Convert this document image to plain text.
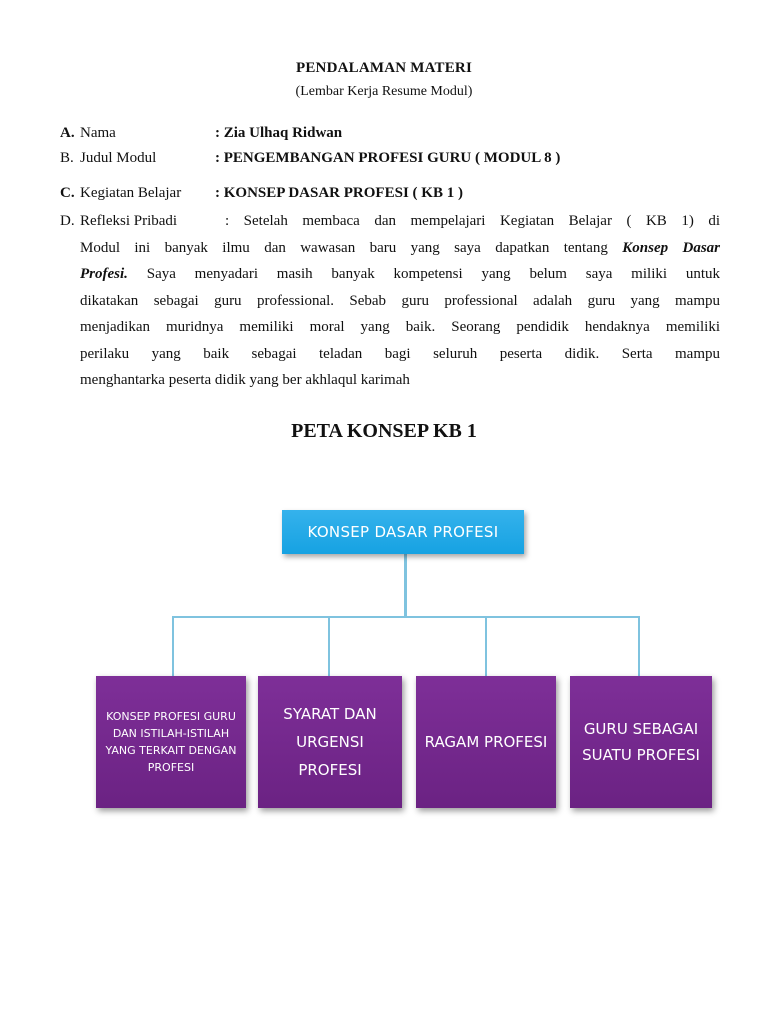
PENDALAMAN MATERI
(Lembar Kerja Resume Modul)
A. Nama	: Zia Ulhaq Ridwan
B. Judul Modul	: PENGEMBANGAN PROFESI GURU ( MODUL 8 )
C. Kegiatan Belajar : KONSEP DASAR PROFESI ( KB 1 )
D. Refleksi Pribadi	: Setelah membaca dan mempelajari Kegiatan Belajar ( KB 1) di
Modul ini banyak ilmu dan wawasan baru yang saya dapatkan tentang Konsep Dasar
Profesi. Saya menyadari masih banyak kompetensi yang belum saya miliki untuk
dikatakan sebagai guru professional. Sebab guru professional adalah guru yang mampu
menjadikan muridnya memiliki moral yang baik. Seorang pendidik hendaknya memiliki
perilaku yang baik sebagai teladan bagi seluruh peserta didik. Serta mampu
menghantarka peserta didik yang ber akhlaqul karimah
PETA KONSEP KB 1
KONSEP DASAR PROFESI
KONSEP PROFESI GURU DAN ISTILAH-ISTILAH YANG TERKAIT DENGAN PROFESI
SYARAT DAN URGENSI PROFESI
RAGAM PROFESI
GURU SEBAGAI SUATU PROFESI
